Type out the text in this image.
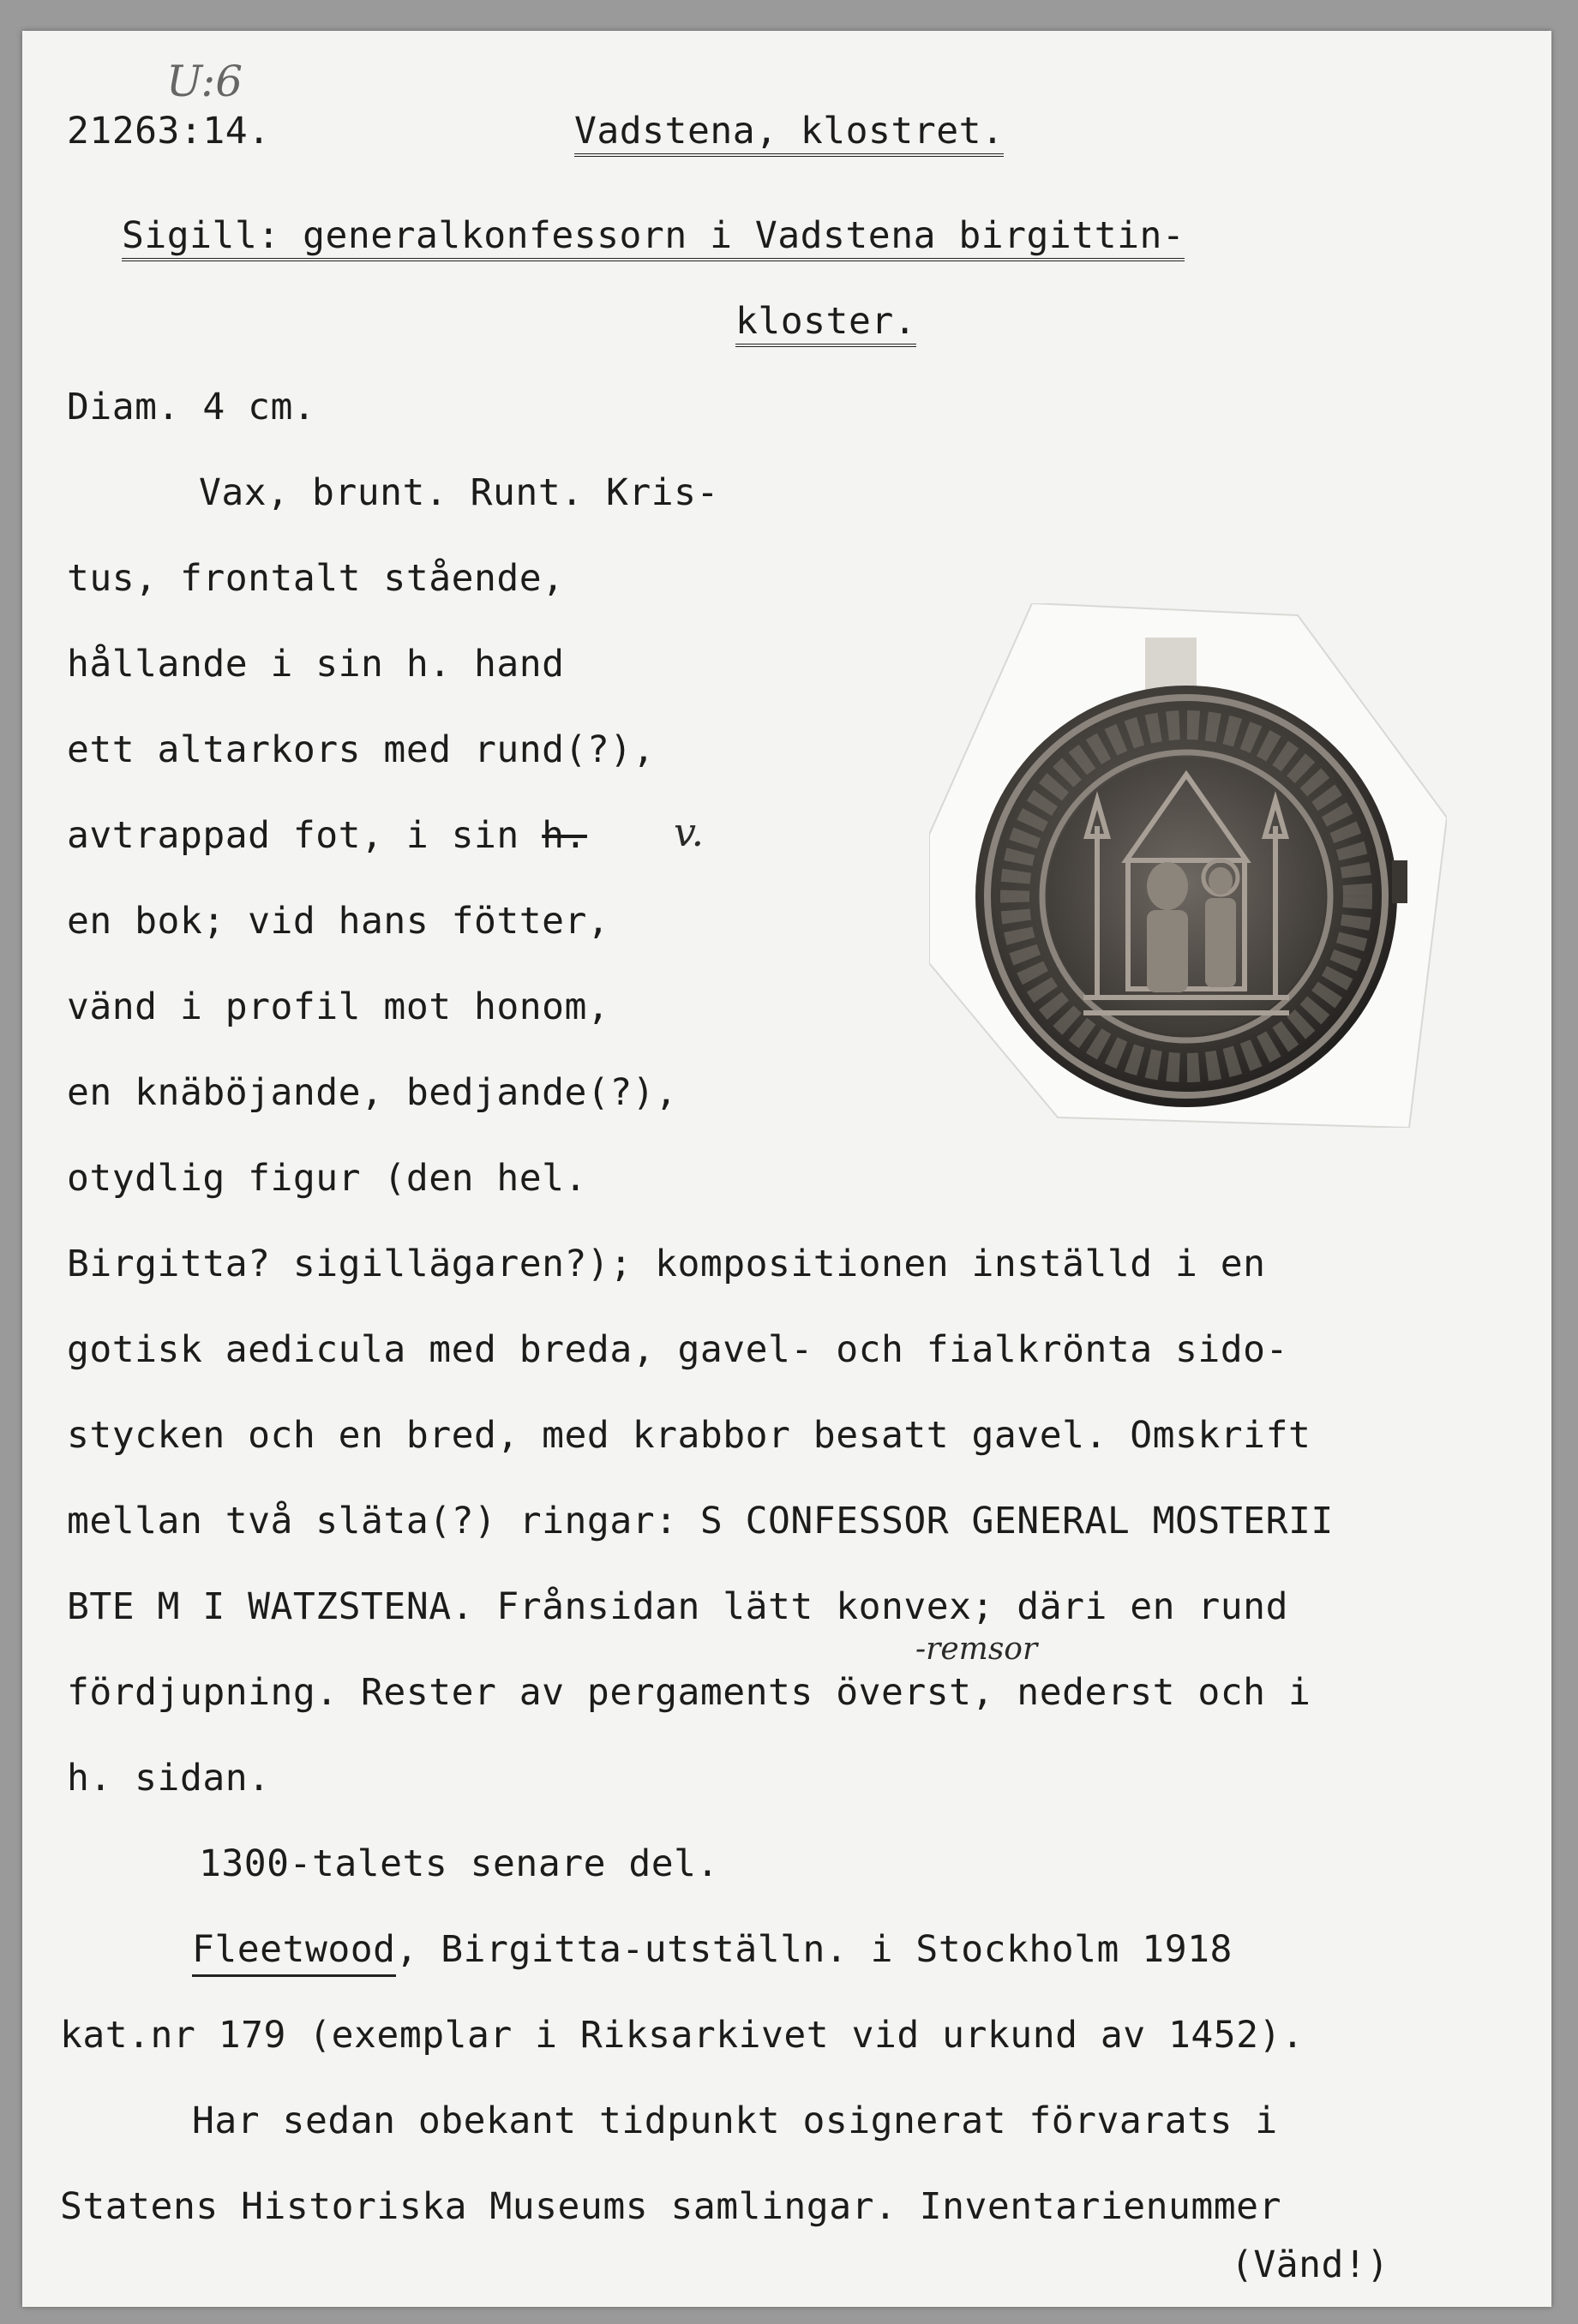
U:6
21263:14.	Vadstena, klostret.
Sigill: generalkonfessorn i Vadstena birgittin-
kloster.
Diam. 4 cm.
Vax, brunt. Runt. Kris-
tus, frontalt stående,
hållande i sin h. hand
ett altarkors med rund(?),
avtrappad fot, i sin h. v.
en bok; vid hans fötter,
vänd i profil mot honom,
en knäböjande, bedjande(?),
otydlig figur (den hel.
Birgitta? sigillägaren?); kompositionen inställd i en
gotisk aedicula med breda, gavel- och fialkrönta sido-
stycken och en bred, med krabbor besatt gavel. Omskrift
mellan två släta(?) ringar: S CONFESSOR GENERAL MOSTERII
BTE M I WATZSTENA. Frånsidan lätt konvex; däri en rund
-remsor
fördjupning. Rester av pergaments överst, nederst och i
h. sidan.
1300-talets senare del.
Fleetwood, Birgitta-utställn. i Stockholm 1918
kat.nr 179 (exemplar i Riksarkivet vid urkund av 1452).
Har sedan obekant tidpunkt osignerat förvarats i
Statens Historiska Museums samlingar. Inventarienummer
(Vänd!)
